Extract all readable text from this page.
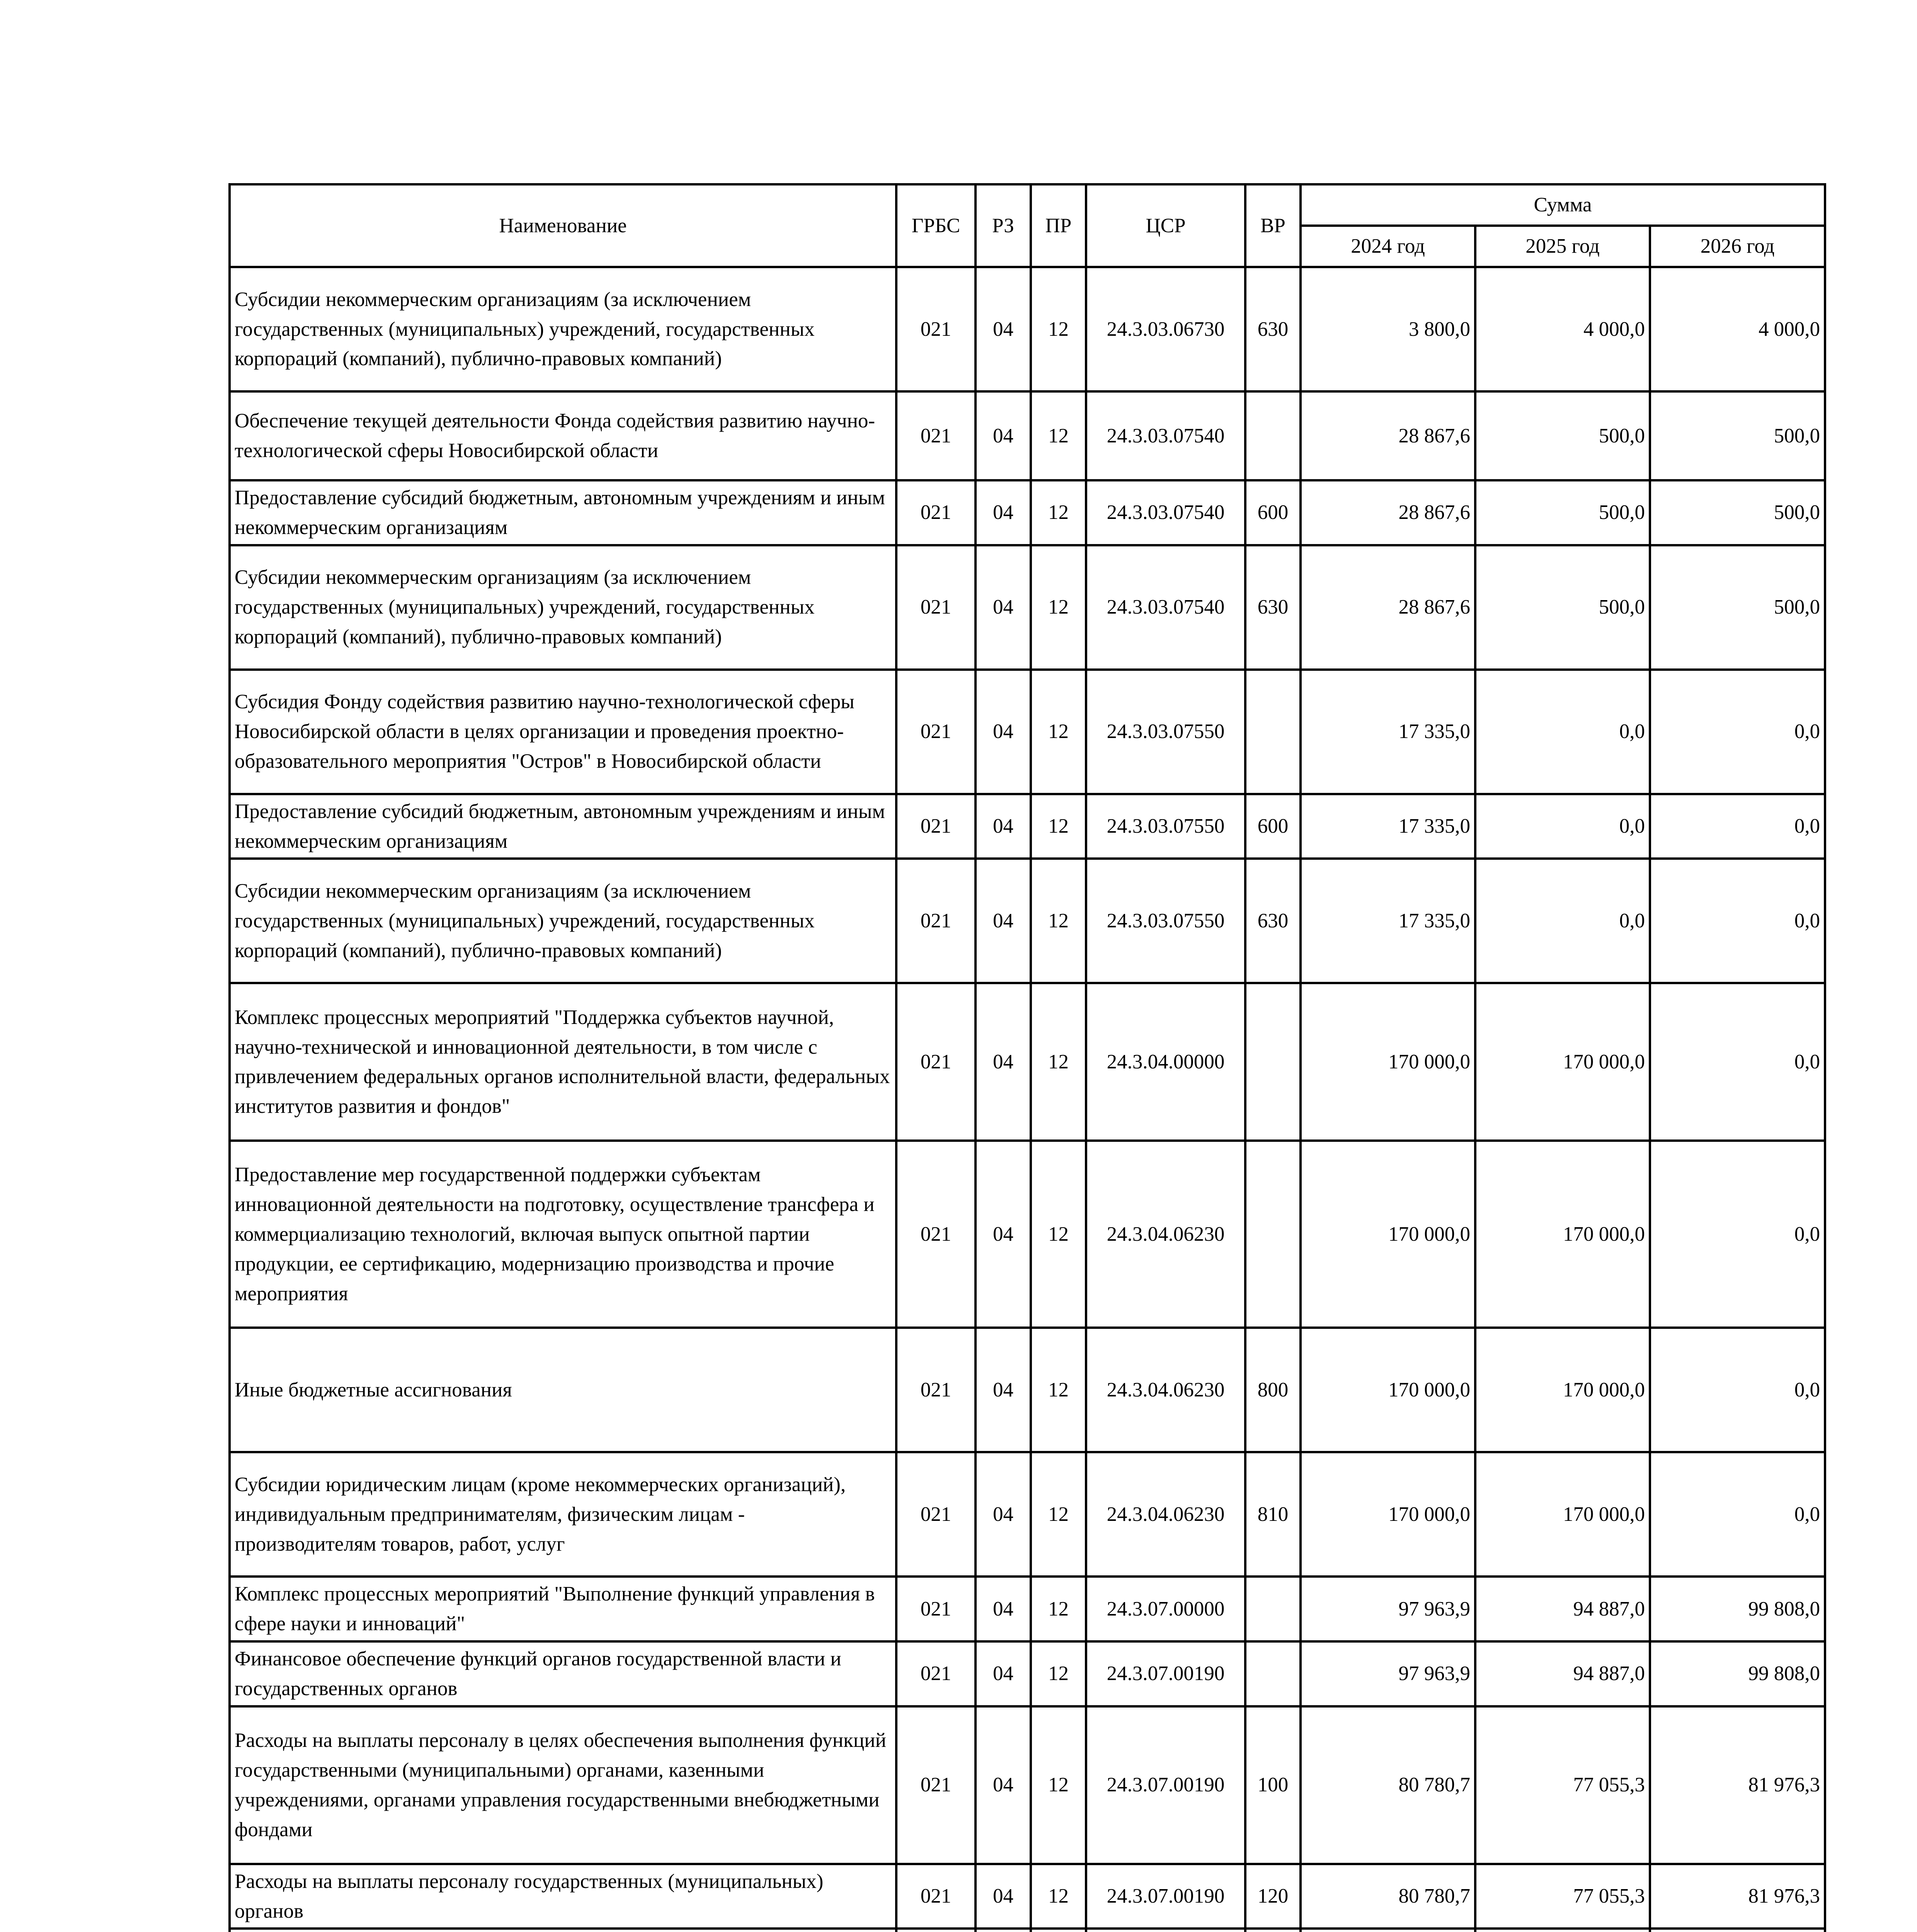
Наименование	ГРБС	РЗ	ПР	ЦСР	ВР	Сумма		
						2024 год	2025 год	2026 год
Субсидии некоммерческим организациям (за исключением государственных (муниципальных) учреждений, государственных корпораций (компаний), публично-правовых компаний)	021	04	12	24.3.03.06730	630	3 800,0	4 000,0	4 000,0
Обеспечение текущей деятельности Фонда содействия развитию научно-технологической сферы Новосибирской области	021	04	12	24.3.03.07540		28 867,6	500,0	500,0
Предоставление субсидий бюджетным, автономным учреждениям и иным некоммерческим организациям	021	04	12	24.3.03.07540	600	28 867,6	500,0	500,0
Субсидии некоммерческим организациям (за исключением государственных (муниципальных) учреждений, государственных корпораций (компаний), публично-правовых компаний)	021	04	12	24.3.03.07540	630	28 867,6	500,0	500,0
Субсидия Фонду содействия развитию научно-технологической сферы Новосибирской области в целях организации и проведения проектно-образовательного мероприятия "Остров" в Новосибирской области	021	04	12	24.3.03.07550		17 335,0	0,0	0,0
Предоставление субсидий бюджетным, автономным учреждениям и иным некоммерческим организациям	021	04	12	24.3.03.07550	600	17 335,0	0,0	0,0
Субсидии некоммерческим организациям (за исключением государственных (муниципальных) учреждений, государственных корпораций (компаний), публично-правовых компаний)	021	04	12	24.3.03.07550	630	17 335,0	0,0	0,0
Комплекс процессных мероприятий "Поддержка субъектов научной, научно-технической и инновационной деятельности, в том числе с привлечением федеральных органов исполнительной власти, федеральных институтов развития и фондов"	021	04	12	24.3.04.00000		170 000,0	170 000,0	0,0
Предоставление мер государственной поддержки субъектам инновационной деятельности на подготовку, осуществление трансфера и коммерциализацию технологий, включая выпуск опытной партии продукции, ее сертификацию, модернизацию производства и прочие мероприятия	021	04	12	24.3.04.06230		170 000,0	170 000,0	0,0
Иные бюджетные ассигнования	021	04	12	24.3.04.06230	800	170 000,0	170 000,0	0,0
Субсидии юридическим лицам (кроме некоммерческих организаций), индивидуальным предпринимателям, физическим лицам - производителям товаров, работ, услуг	021	04	12	24.3.04.06230	810	170 000,0	170 000,0	0,0
Комплекс процессных мероприятий "Выполнение функций управления в сфере науки и инноваций"	021	04	12	24.3.07.00000		97 963,9	94 887,0	99 808,0
Финансовое обеспечение функций органов государственной власти и государственных органов	021	04	12	24.3.07.00190		97 963,9	94 887,0	99 808,0
Расходы на выплаты персоналу в целях обеспечения выполнения функций государственными (муниципальными) органами, казенными учреждениями, органами управления государственными внебюджетными фондами	021	04	12	24.3.07.00190	100	80 780,7	77 055,3	81 976,3
Расходы на выплаты персоналу государственных (муниципальных) органов	021	04	12	24.3.07.00190	120	80 780,7	77 055,3	81 976,3
